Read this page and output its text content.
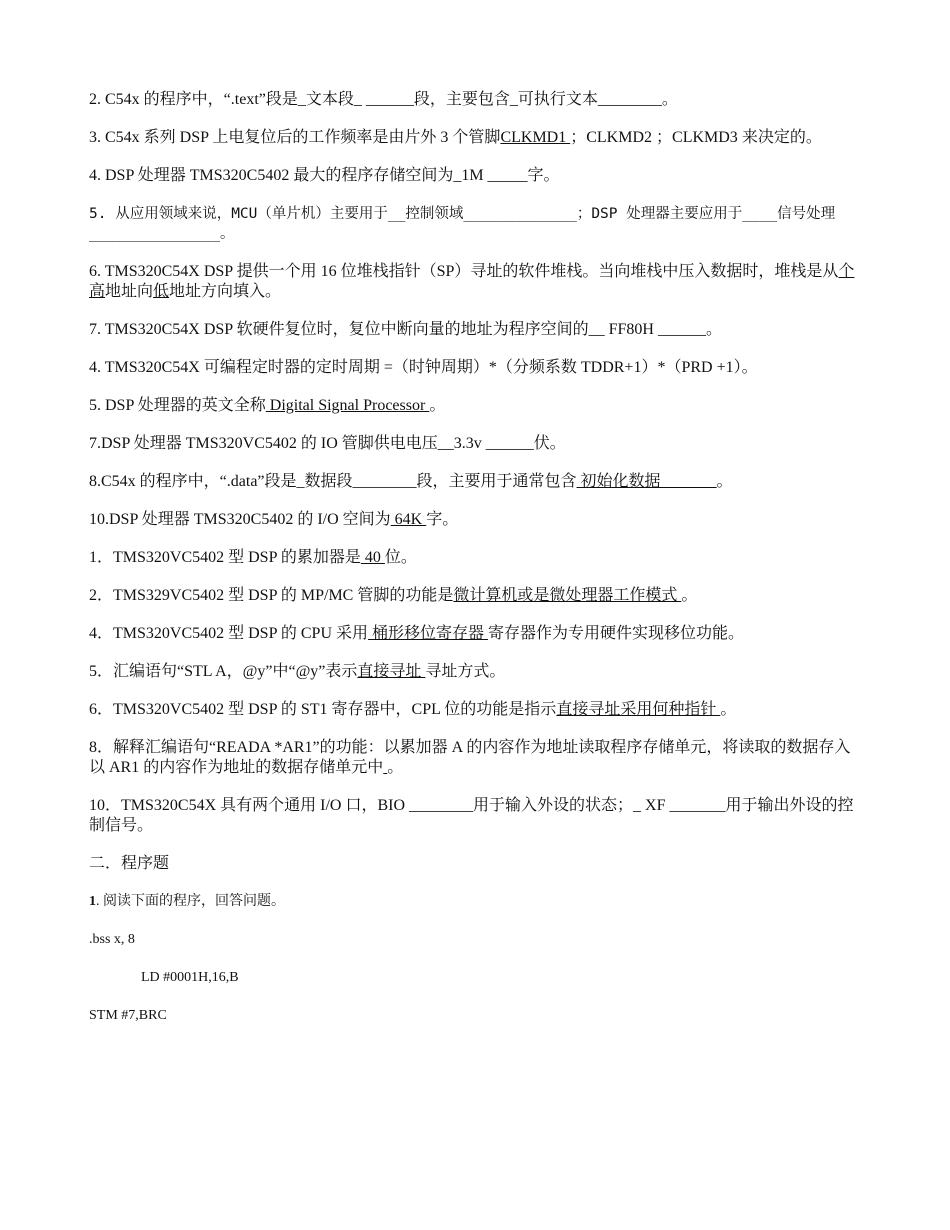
2. C54x 的程序中，“.text”段是_文本段_ ______段，主要包含_可执行文本________。

3. C54x 系列 DSP 上电复位后的工作频率是由片外 3 个管脚CLKMD1 ；CLKMD2 ；CLKMD3 来决定的。

4. DSP 处理器 TMS320C5402 最大的程序存储空间为_1M _____字。

5. 从应用领域来说，MCU（单片机）主要用于__控制领域_____________；DSP 处理器主要应用于____信号处理_______________。

6. TMS320C54X DSP 提供一个用 16 位堆栈指针（SP）寻址的软件堆栈。当向堆栈中压入数据时，堆栈是从个高地址向低地址方向填入。

7. TMS320C54X DSP 软硬件复位时，复位中断向量的地址为程序空间的__ FF80H ______。

4. TMS320C54X 可编程定时器的定时周期 =（时钟周期）*（分频系数 TDDR+1）*（PRD +1）。

5. DSP 处理器的英文全称 Digital Signal Processor 。

7.DSP 处理器 TMS320VC5402 的 IO 管脚供电电压__3.3v ______伏。

8.C54x 的程序中，“.data”段是_数据段________段，主要用于通常包含 初始化数据_______。

10.DSP 处理器 TMS320C5402 的 I/O 空间为 64K 字。

1．TMS320VC5402 型 DSP 的累加器是 40 位。

2．TMS329VC5402 型 DSP 的 MP/MC 管脚的功能是微计算机或是微处理器工作模式 。

4．TMS320VC5402 型 DSP 的 CPU 采用 桶形移位寄存器 寄存器作为专用硬件实现移位功能。

5．汇编语句“STL A，@y”中“@y”表示直接寻址 寻址方式。

6．TMS320VC5402 型 DSP 的 ST1 寄存器中，CPL 位的功能是指示直接寻址采用何种指针 。

8．解释汇编语句“READA *AR1”的功能：以累加器 A 的内容作为地址读取程序存储单元，将读取的数据存入以 AR1 的内容作为地址的数据存储单元中 。

10．TMS320C54X 具有两个通用 I/O 口，BIO ________用于输入外设的状态；_ XF _______用于输出外设的控制信号。

二．程序题

1. 阅读下面的程序，回答问题。

.bss x, 8

LD #0001H,16,B

STM #7,BRC
